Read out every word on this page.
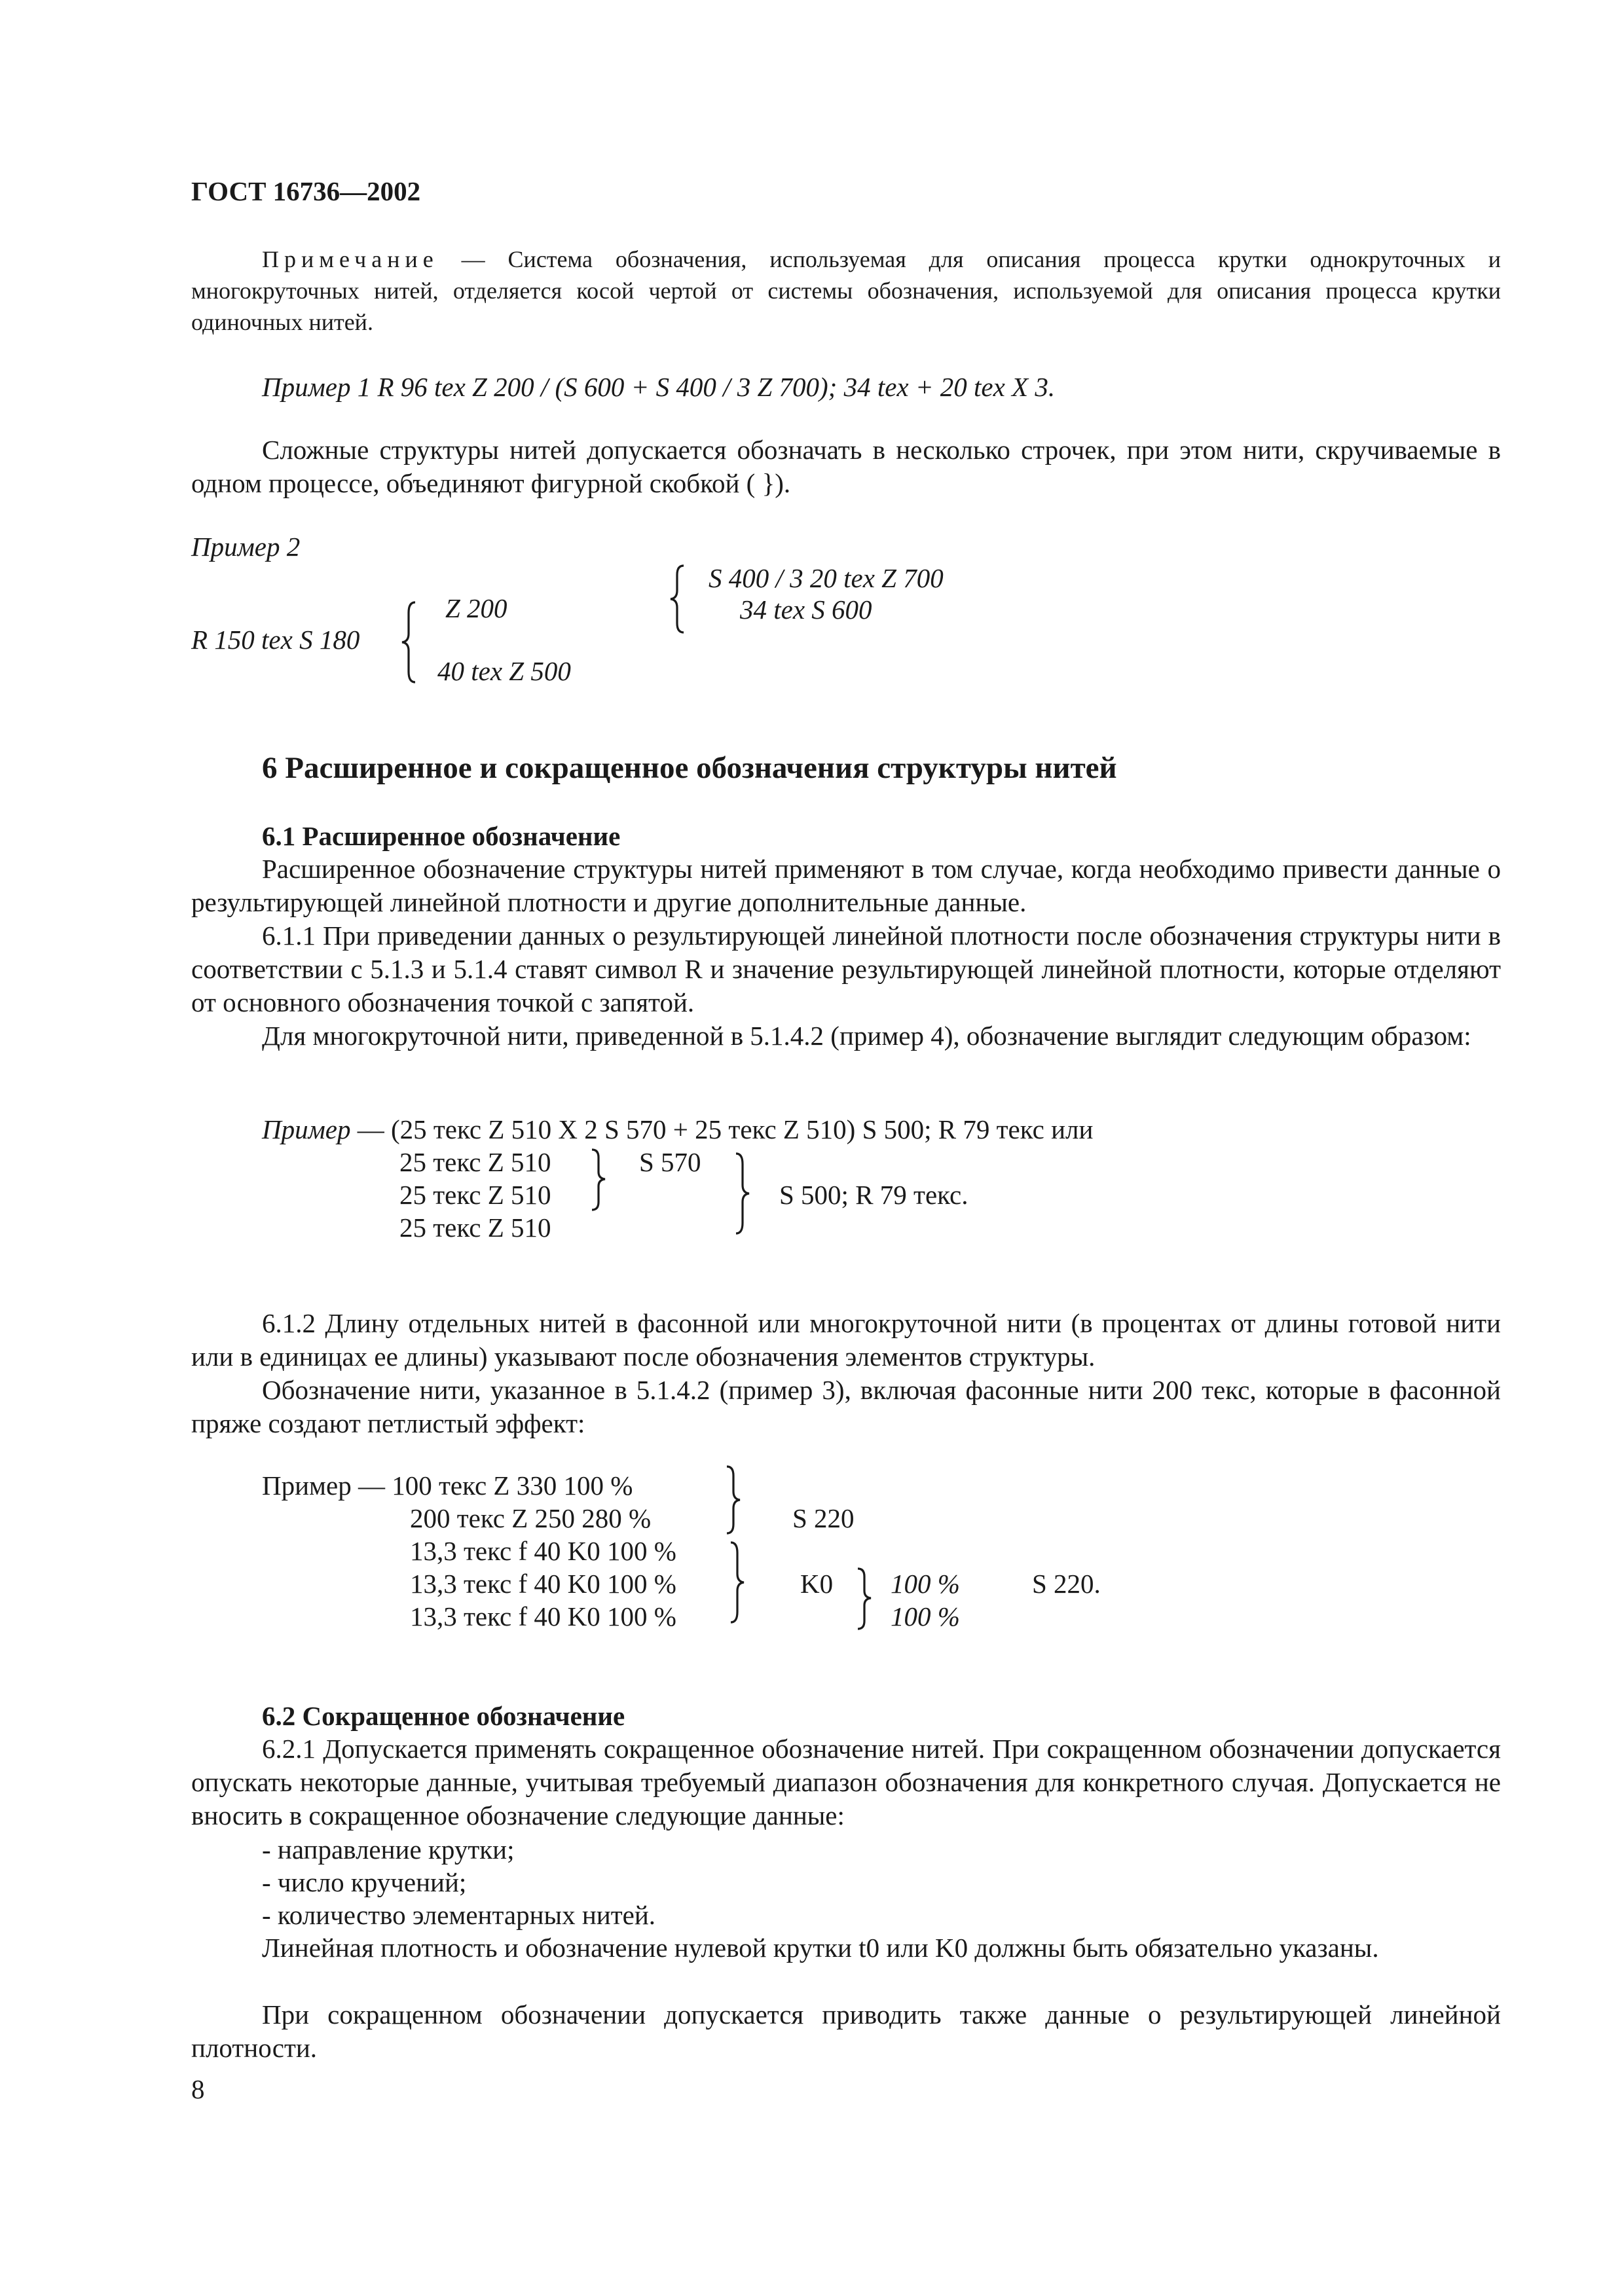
ГОСТ 16736—2002
Примечание — Система обозначения, используемая для описания процесса крутки однокруточных и многокруточных нитей, отделяется косой чертой от системы обозначения, используемой для описания процесса крутки одиночных нитей.
Пример 1 R 96 tex Z 200 / (S 600 + S 400 / 3 Z 700); 34 tex + 20 tex X 3.
Сложные структуры нитей допускается обозначать в несколько строчек, при этом нити, скручиваемые в одном процессе, объединяют фигурной скобкой ( }).
Пример 2
R 150 tex S 180
Z 200
40 tex Z 500
S 400 / 3 20 tex Z 700
34 tex S 600
6 Расширенное и сокращенное обозначения структуры нитей
6.1 Расширенное обозначение
Расширенное обозначение структуры нитей применяют в том случае, когда необходимо привести данные о результирующей линейной плотности и другие дополнительные данные.
6.1.1 При приведении данных о результирующей линейной плотности после обозначения структуры нити в соответствии с 5.1.3 и 5.1.4 ставят символ R и значение результирующей линейной плотности, которые отделяют от основного обозначения точкой с запятой.
Для многокруточной нити, приведенной в 5.1.4.2 (пример 4), обозначение выглядит следующим образом:
Пример — (25 текс Z 510 X 2 S 570 + 25 текс Z 510) S 500; R 79 текс или
25 текс Z 510
25 текс Z 510
25 текс Z 510
S 570
S 500; R 79 текс.
6.1.2 Длину отдельных нитей в фасонной или многокруточной нити (в процентах от длины готовой нити или в единицах ее длины) указывают после обозначения элементов структуры.
Обозначение нити, указанное в 5.1.4.2 (пример 3), включая фасонные нити 200 текс, которые в фасонной пряже создают петлистый эффект:
Пример — 100 текс Z 330 100 %
200 текс Z 250 280 %
13,3 текс f 40 K0 100 %
13,3 текс f 40 K0 100 %
13,3 текс f 40 K0 100 %
S 220
K0 100 %
100 %
S 220.
6.2 Сокращенное обозначение
6.2.1 Допускается применять сокращенное обозначение нитей. При сокращенном обозначении допускается опускать некоторые данные, учитывая требуемый диапазон обозначения для конкретного случая. Допускается не вносить в сокращенное обозначение следующие данные:
- направление крутки;
- число кручений;
- количество элементарных нитей.
Линейная плотность и обозначение нулевой крутки t0 или K0 должны быть обязательно указаны.
При сокращенном обозначении допускается приводить также данные о результирующей линейной плотности.
8
